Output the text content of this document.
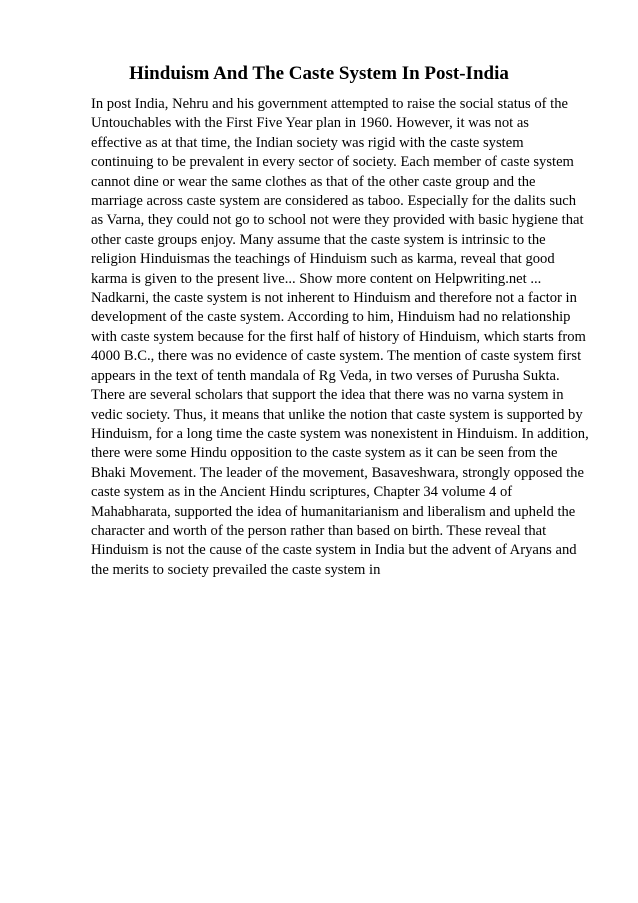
Hinduism And The Caste System In Post-India
In post India, Nehru and his government attempted to raise the social status of the
Untouchables with the First Five Year plan in 1960. However, it was not as
effective as at that time, the Indian society was rigid with the caste system
continuing to be prevalent in every sector of society. Each member of caste system
cannot dine or wear the same clothes as that of the other caste group and the
marriage across caste system are considered as taboo. Especially for the dalits such
as Varna, they could not go to school not were they provided with basic hygiene that
other caste groups enjoy. Many assume that the caste system is intrinsic to the
religion Hinduismas the teachings of Hinduism such as karma, reveal that good
karma is given to the present live... Show more content on Helpwriting.net ...
Nadkarni, the caste system is not inherent to Hinduism and therefore not a factor in
development of the caste system. According to him, Hinduism had no relationship
with caste system because for the first half of history of Hinduism, which starts from
4000 B.C., there was no evidence of caste system. The mention of caste system first
appears in the text of tenth mandala of Rg Veda, in two verses of Purusha Sukta.
There are several scholars that support the idea that there was no varna system in
vedic society. Thus, it means that unlike the notion that caste system is supported by
Hinduism, for a long time the caste system was nonexistent in Hinduism. In addition,
there were some Hindu opposition to the caste system as it can be seen from the
Bhaki Movement. The leader of the movement, Basaveshwara, strongly opposed the
caste system as in the Ancient Hindu scriptures, Chapter 34 volume 4 of
Mahabharata, supported the idea of humanitarianism and liberalism and upheld the
character and worth of the person rather than based on birth. These reveal that
Hinduism is not the cause of the caste system in India but the advent of Aryans and
the merits to society prevailed the caste system in
